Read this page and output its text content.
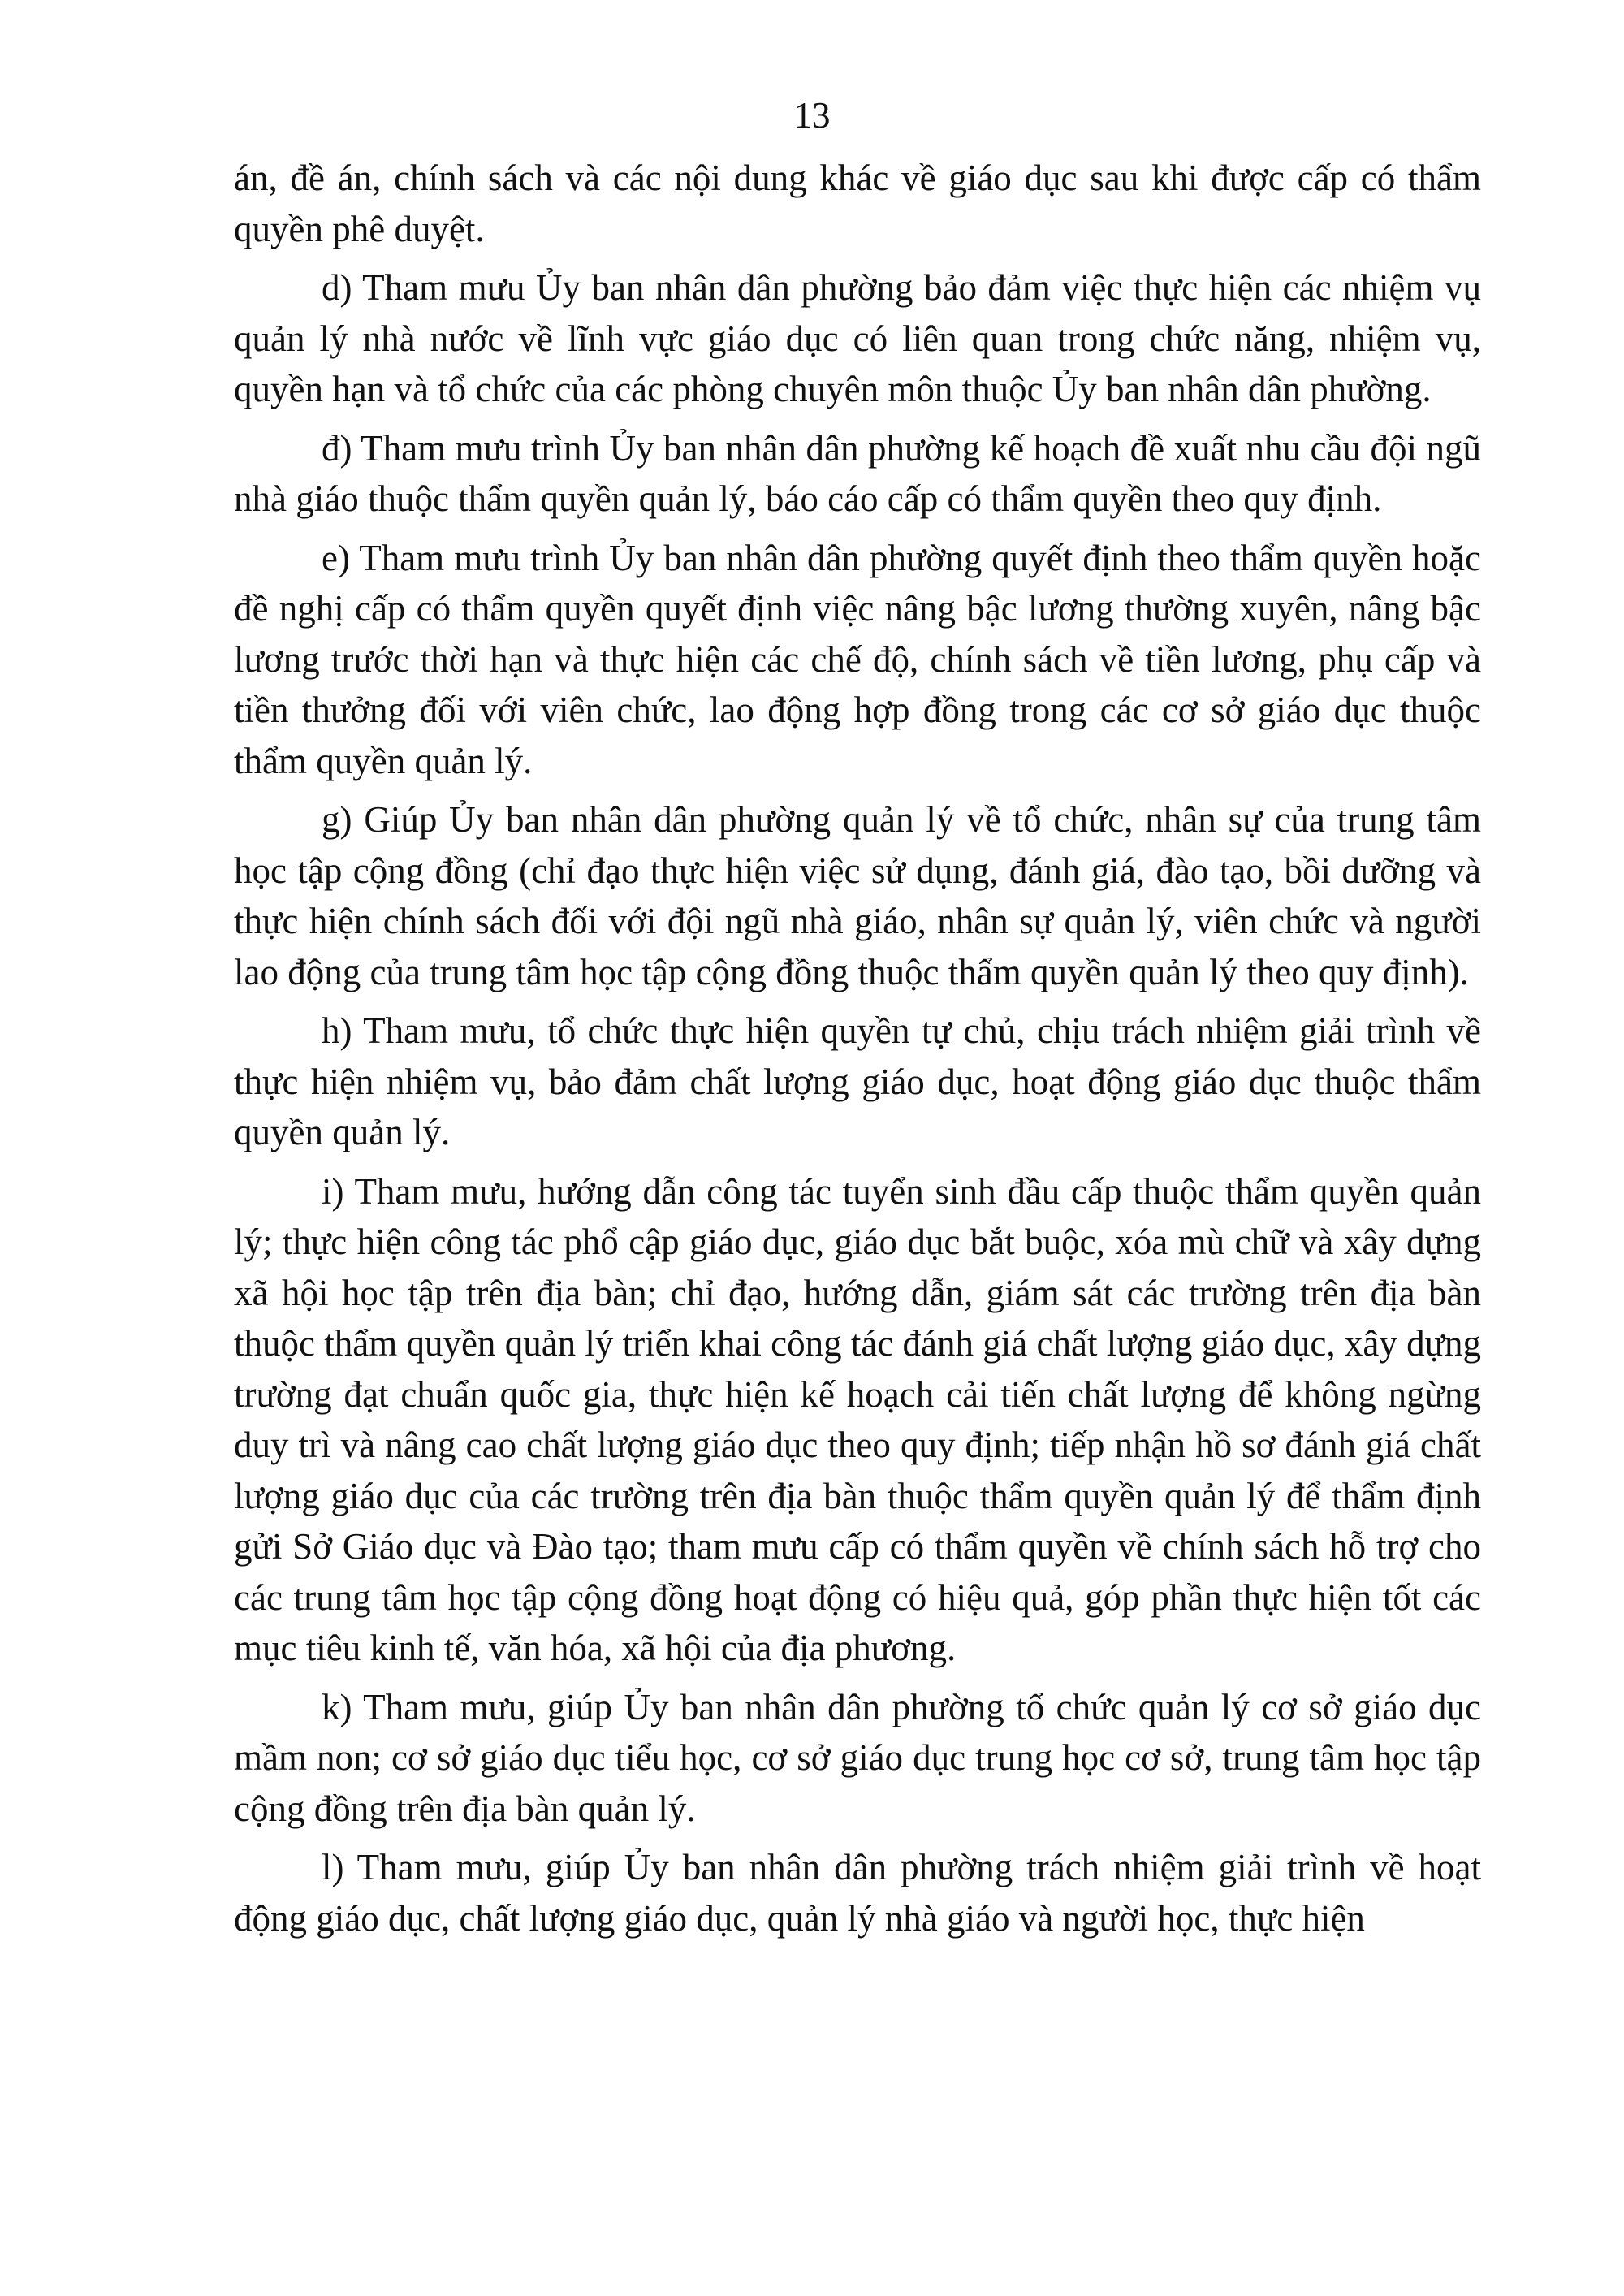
13

án, đề án, chính sách và các nội dung khác về giáo dục sau khi được cấp có thẩm quyền phê duyệt.

d) Tham mưu Ủy ban nhân dân phường bảo đảm việc thực hiện các nhiệm vụ quản lý nhà nước về lĩnh vực giáo dục có liên quan trong chức năng, nhiệm vụ, quyền hạn và tổ chức của các phòng chuyên môn thuộc Ủy ban nhân dân phường.

đ) Tham mưu trình Ủy ban nhân dân phường kế hoạch đề xuất nhu cầu đội ngũ nhà giáo thuộc thẩm quyền quản lý, báo cáo cấp có thẩm quyền theo quy định.

e) Tham mưu trình Ủy ban nhân dân phường quyết định theo thẩm quyền hoặc đề nghị cấp có thẩm quyền quyết định việc nâng bậc lương thường xuyên, nâng bậc lương trước thời hạn và thực hiện các chế độ, chính sách về tiền lương, phụ cấp và tiền thưởng đối với viên chức, lao động hợp đồng trong các cơ sở giáo dục thuộc thẩm quyền quản lý.

g) Giúp Ủy ban nhân dân phường quản lý về tổ chức, nhân sự của trung tâm học tập cộng đồng (chỉ đạo thực hiện việc sử dụng, đánh giá, đào tạo, bồi dưỡng và thực hiện chính sách đối với đội ngũ nhà giáo, nhân sự quản lý, viên chức và người lao động của trung tâm học tập cộng đồng thuộc thẩm quyền quản lý theo quy định).

h) Tham mưu, tổ chức thực hiện quyền tự chủ, chịu trách nhiệm giải trình về thực hiện nhiệm vụ, bảo đảm chất lượng giáo dục, hoạt động giáo dục thuộc thẩm quyền quản lý.

i) Tham mưu, hướng dẫn công tác tuyển sinh đầu cấp thuộc thẩm quyền quản lý; thực hiện công tác phổ cập giáo dục, giáo dục bắt buộc, xóa mù chữ và xây dựng xã hội học tập trên địa bàn; chỉ đạo, hướng dẫn, giám sát các trường trên địa bàn thuộc thẩm quyền quản lý triển khai công tác đánh giá chất lượng giáo dục, xây dựng trường đạt chuẩn quốc gia, thực hiện kế hoạch cải tiến chất lượng để không ngừng duy trì và nâng cao chất lượng giáo dục theo quy định; tiếp nhận hồ sơ đánh giá chất lượng giáo dục của các trường trên địa bàn thuộc thẩm quyền quản lý để thẩm định gửi Sở Giáo dục và Đào tạo; tham mưu cấp có thẩm quyền về chính sách hỗ trợ cho các trung tâm học tập cộng đồng hoạt động có hiệu quả, góp phần thực hiện tốt các mục tiêu kinh tế, văn hóa, xã hội của địa phương.

k) Tham mưu, giúp Ủy ban nhân dân phường tổ chức quản lý cơ sở giáo dục mầm non; cơ sở giáo dục tiểu học, cơ sở giáo dục trung học cơ sở, trung tâm học tập cộng đồng trên địa bàn quản lý.

l) Tham mưu, giúp Ủy ban nhân dân phường trách nhiệm giải trình về hoạt động giáo dục, chất lượng giáo dục, quản lý nhà giáo và người học, thực hiện
